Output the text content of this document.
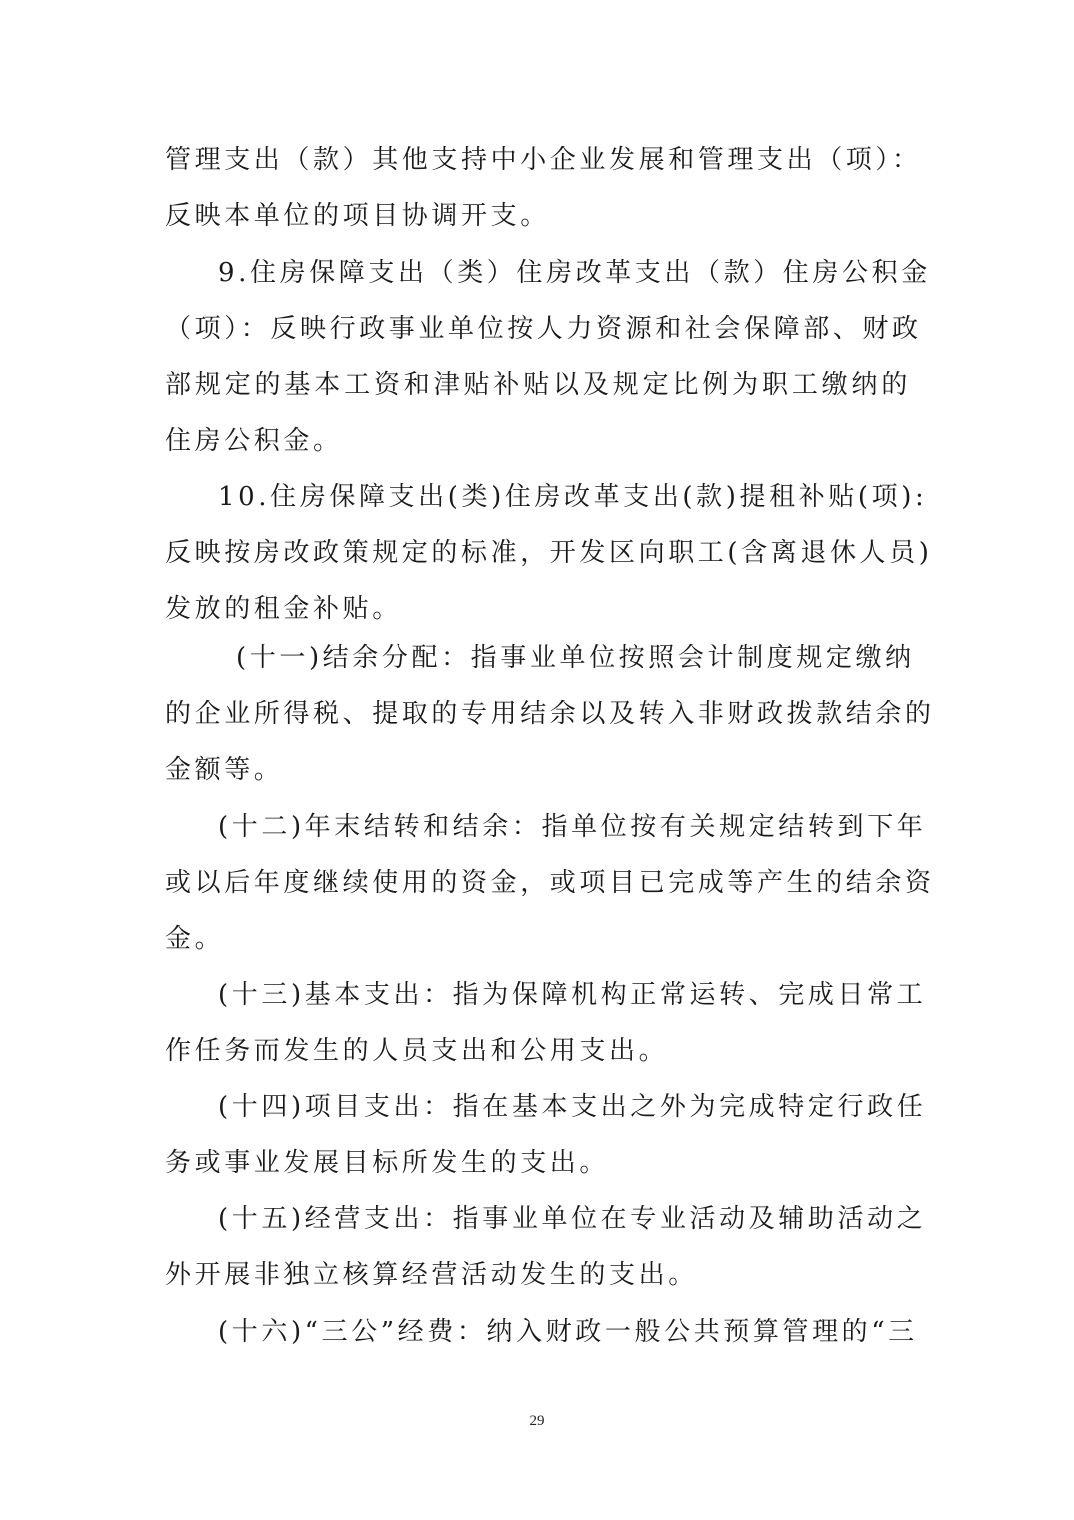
管理支出（款）其他支持中小企业发展和管理支出（项）：
反映本单位的项目协调开支。
9.住房保障支出（类）住房改革支出（款）住房公积金
（项）：反映行政事业单位按人力资源和社会保障部、财政
部规定的基本工资和津贴补贴以及规定比例为职工缴纳的
住房公积金。
10.住房保障支出(类)住房改革支出(款)提租补贴(项):
反映按房改政策规定的标准，开发区向职工(含离退休人员)
发放的租金补贴。
(十一)结余分配：指事业单位按照会计制度规定缴纳
的企业所得税、提取的专用结余以及转入非财政拨款结余的
金额等。
(十二)年末结转和结余：指单位按有关规定结转到下年
或以后年度继续使用的资金，或项目已完成等产生的结余资
金。
(十三)基本支出：指为保障机构正常运转、完成日常工
作任务而发生的人员支出和公用支出。
(十四)项目支出：指在基本支出之外为完成特定行政任
务或事业发展目标所发生的支出。
(十五)经营支出：指事业单位在专业活动及辅助活动之
外开展非独立核算经营活动发生的支出。
(十六)“三公”经费：纳入财政一般公共预算管理的“三
29
